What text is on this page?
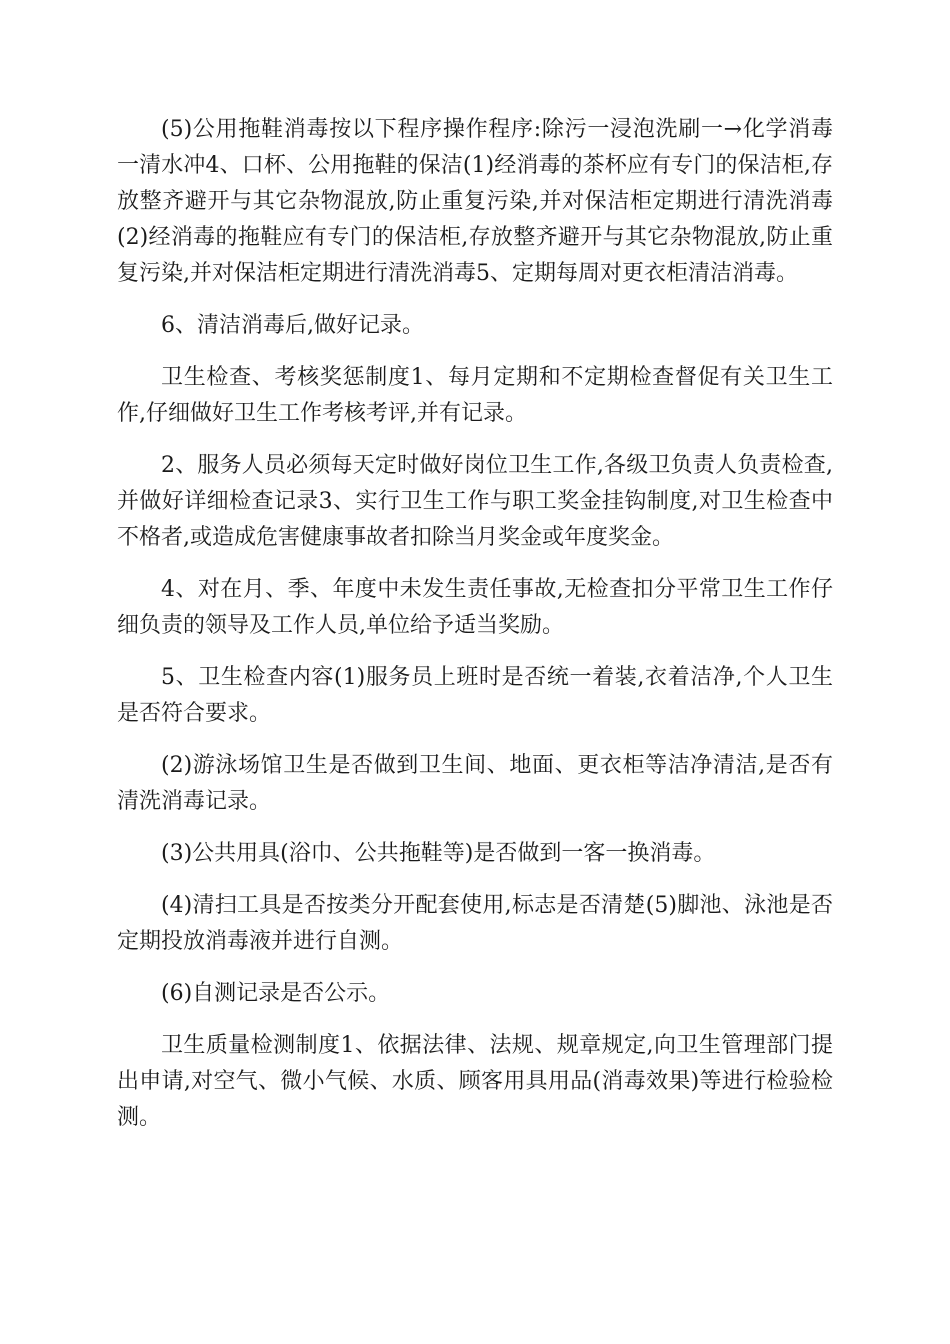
(5)公用拖鞋消毒按以下程序操作程序:除污一浸泡洗刷一→化学消毒一清水冲4、口杯、公用拖鞋的保洁(1)经消毒的茶杯应有专门的保洁柜,存放整齐避开与其它杂物混放,防止重复污染,并对保洁柜定期进行清洗消毒(2)经消毒的拖鞋应有专门的保洁柜,存放整齐避开与其它杂物混放,防止重复污染,并对保洁柜定期进行清洗消毒5、定期每周对更衣柜清洁消毒。

6、清洁消毒后,做好记录。

卫生检查、考核奖惩制度1、每月定期和不定期检查督促有关卫生工作,仔细做好卫生工作考核考评,并有记录。

2、服务人员必须每天定时做好岗位卫生工作,各级卫负责人负责检查,并做好详细检查记录3、实行卫生工作与职工奖金挂钩制度,对卫生检查中不格者,或造成危害健康事故者扣除当月奖金或年度奖金。

4、对在月、季、年度中未发生责任事故,无检查扣分平常卫生工作仔细负责的领导及工作人员,单位给予适当奖励。

5、卫生检查内容(1)服务员上班时是否统一着装,衣着洁净,个人卫生是否符合要求。

(2)游泳场馆卫生是否做到卫生间、地面、更衣柜等洁净清洁,是否有清洗消毒记录。

(3)公共用具(浴巾、公共拖鞋等)是否做到一客一换消毒。

(4)清扫工具是否按类分开配套使用,标志是否清楚(5)脚池、泳池是否定期投放消毒液并进行自测。

(6)自测记录是否公示。

卫生质量检测制度1、依据法律、法规、规章规定,向卫生管理部门提出申请,对空气、微小气候、水质、顾客用具用品(消毒效果)等进行检验检测。
